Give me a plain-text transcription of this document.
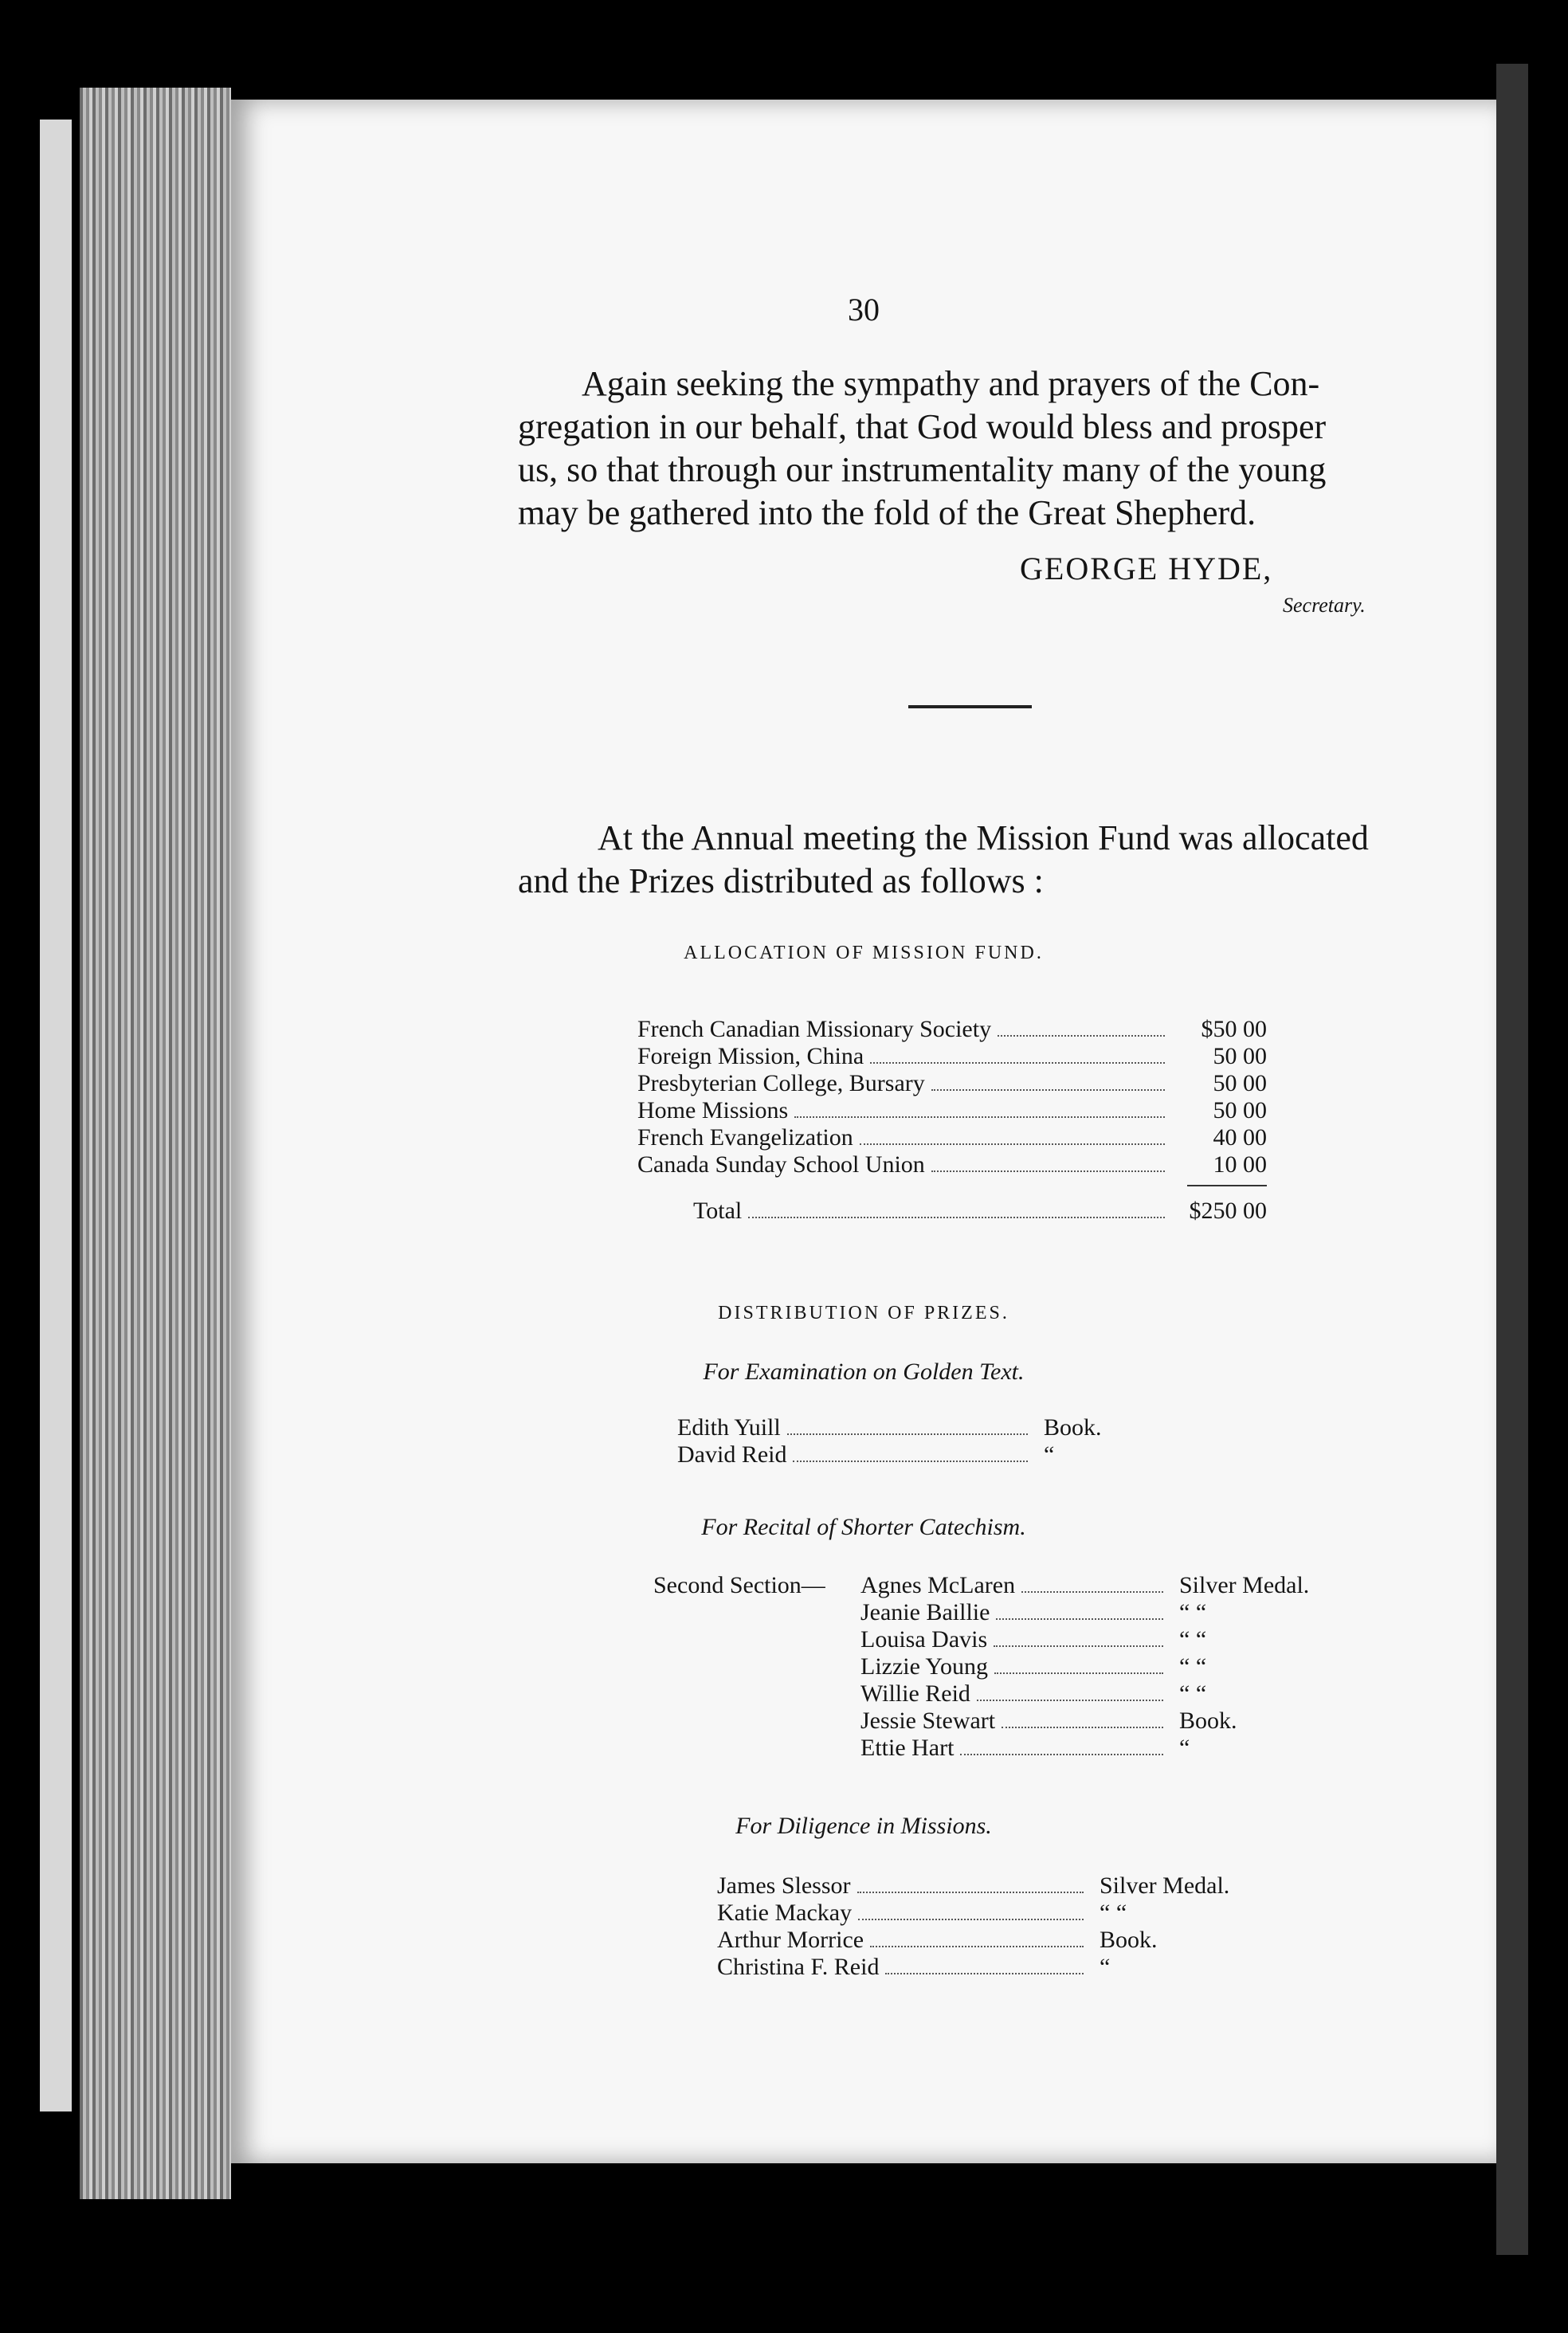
30
Again seeking the sympathy and prayers of the Con-
gregation in our behalf, that God would bless and prosper
us, so that through our instrumentality many of the young
may be gathered into the fold of the Great Shepherd.
GEORGE HYDE,
Secretary.
At the Annual meeting the Mission Fund was allocated
and the Prizes distributed as follows :
ALLOCATION OF MISSION FUND.
French Canadian Missionary Society	$50 00
Foreign Mission, China	50 00
Presbyterian College, Bursary	50 00
Home Missions	50 00
French Evangelization	40 00
Canada Sunday School Union	10 00
Total	$250 00
DISTRIBUTION OF PRIZES.
For Examination on Golden Text.
Edith Yuill	Book.
David Reid	“
For Recital of Shorter Catechism.
Second Section— Agnes McLaren	Silver Medal.
Jeanie Baillie	“ “
Louisa Davis	“ “
Lizzie Young	“ “
Willie Reid	“ “
Jessie Stewart	Book.
Ettie Hart	“
For Diligence in Missions.
James Slessor	Silver Medal.
Katie Mackay	“ “
Arthur Morrice	Book.
Christina F. Reid	“
